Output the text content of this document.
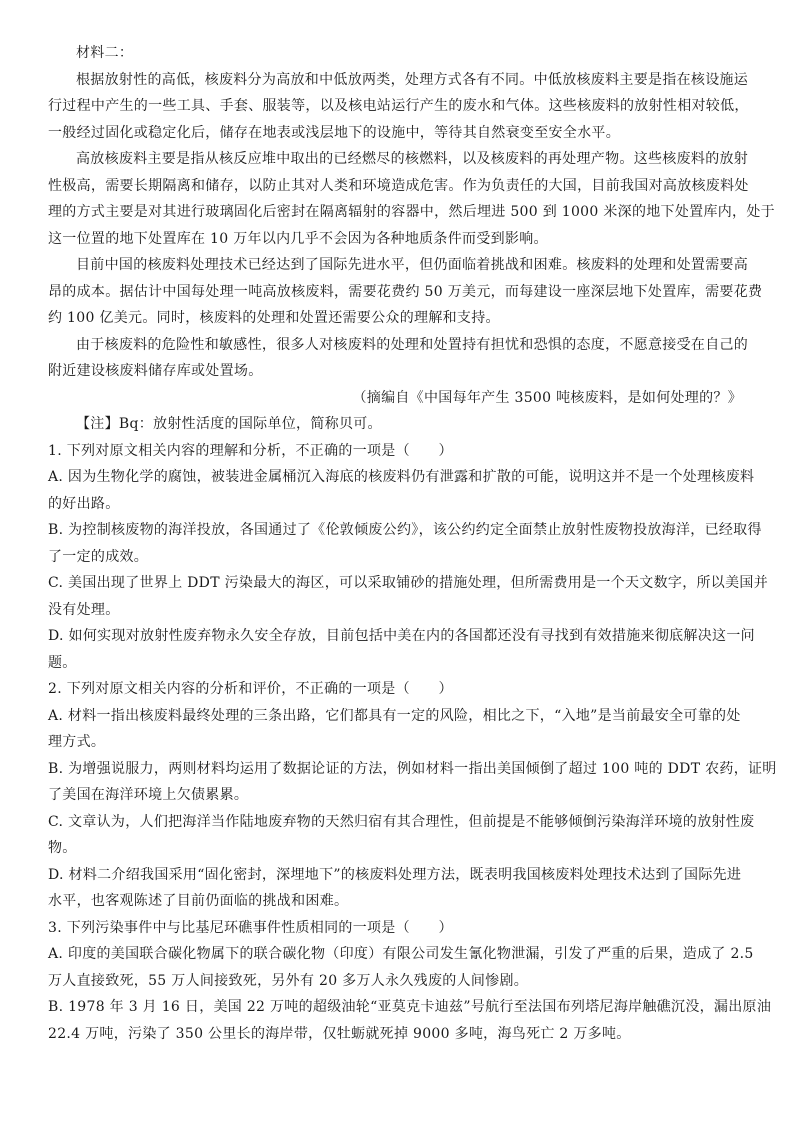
材料二：
根据放射性的高低，核废料分为高放和中低放两类，处理方式各有不同。中低放核废料主要是指在核设施运
行过程中产生的一些工具、手套、服装等，以及核电站运行产生的废水和气体。这些核废料的放射性相对较低，
一般经过固化或稳定化后，储存在地表或浅层地下的设施中，等待其自然衰变至安全水平。
高放核废料主要是指从核反应堆中取出的已经燃尽的核燃料，以及核废料的再处理产物。这些核废料的放射
性极高，需要长期隔离和储存，以防止其对人类和环境造成危害。作为负责任的大国，目前我国对高放核废料处
理的方式主要是对其进行玻璃固化后密封在隔离辐射的容器中，然后埋进 500 到 1000 米深的地下处置库内，处于
这一位置的地下处置库在 10 万年以内几乎不会因为各种地质条件而受到影响。
目前中国的核废料处理技术已经达到了国际先进水平，但仍面临着挑战和困难。核废料的处理和处置需要高
昂的成本。据估计中国每处理一吨高放核废料，需要花费约 50 万美元，而每建设一座深层地下处置库，需要花费
约 100 亿美元。同时，核废料的处理和处置还需要公众的理解和支持。
由于核废料的危险性和敏感性，很多人对核废料的处理和处置持有担忧和恐惧的态度，不愿意接受在自己的
附近建设核废料储存库或处置场。
（摘编自《中国每年产生 3500 吨核废料，是如何处理的？》
【注】Bq：放射性活度的国际单位，简称贝可。
1. 下列对原文相关内容的理解和分析，不正确的一项是（　　）
A. 因为生物化学的腐蚀，被装进金属桶沉入海底的核废料仍有泄露和扩散的可能，说明这并不是一个处理核废料
的好出路。
B. 为控制核废物的海洋投放，各国通过了《伦敦倾废公约》，该公约约定全面禁止放射性废物投放海洋，已经取得
了一定的成效。
C. 美国出现了世界上 DDT 污染最大的海区，可以采取铺砂的措施处理，但所需费用是一个天文数字，所以美国并
没有处理。
D. 如何实现对放射性废弃物永久安全存放，目前包括中美在内的各国都还没有寻找到有效措施来彻底解决这一问
题。
2. 下列对原文相关内容的分析和评价，不正确的一项是（　　）
A. 材料一指出核废料最终处理的三条出路，它们都具有一定的风险，相比之下，“入地”是当前最安全可靠的处
理方式。
B. 为增强说服力，两则材料均运用了数据论证的方法，例如材料一指出美国倾倒了超过 100 吨的 DDT 农药，证明
了美国在海洋环境上欠债累累。
C. 文章认为，人们把海洋当作陆地废弃物的天然归宿有其合理性，但前提是不能够倾倒污染海洋环境的放射性废
物。
D. 材料二介绍我国采用“固化密封，深埋地下”的核废料处理方法，既表明我国核废料处理技术达到了国际先进
水平，也客观陈述了目前仍面临的挑战和困难。
3. 下列污染事件中与比基尼环礁事件性质相同的一项是（　　）
A. 印度的美国联合碳化物属下的联合碳化物（印度）有限公司发生氰化物泄漏，引发了严重的后果，造成了 2.5
万人直接致死，55 万人间接致死，另外有 20 多万人永久残废的人间惨剧。
B. 1978 年 3 月 16 日，美国 22 万吨的超级油轮“亚莫克卡迪兹”号航行至法国布列塔尼海岸触礁沉没，漏出原油
22.4 万吨，污染了 350 公里长的海岸带，仅牡蛎就死掉 9000 多吨，海鸟死亡 2 万多吨。
